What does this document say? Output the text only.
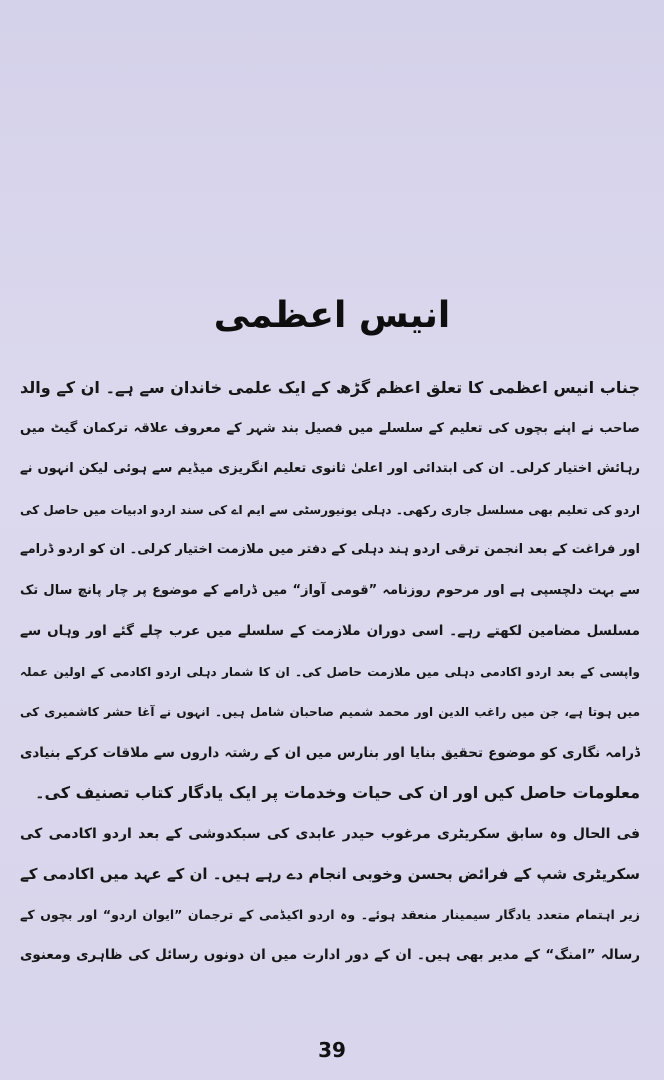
انیس اعظمی
جناب انیس اعظمی کا تعلق اعظم گڑھ کے ایک علمی خاندان سے ہے۔ ان کے والد
صاحب نے اپنے بچوں کی تعلیم کے سلسلے میں فصیل بند شہر کے معروف علاقہ ترکمان گیٹ میں
رہائش اختیار کرلی۔ ان کی ابتدائی اور اعلیٰ ثانوی تعلیم انگریزی میڈیم سے ہوئی لیکن انہوں نے
اردو کی تعلیم بھی مسلسل جاری رکھی۔ دہلی یونیورسٹی سے ایم اے کی سند اردو ادبیات میں حاصل کی
اور فراغت کے بعد انجمن ترقی اردو ہند دہلی کے دفتر میں ملازمت اختیار کرلی۔ ان کو اردو ڈرامے
سے بہت دلچسپی ہے اور مرحوم روزنامہ ”قومی آواز“ میں ڈرامے کے موضوع پر چار پانچ سال تک
مسلسل مضامین لکھتے رہے۔ اسی دوران ملازمت کے سلسلے میں عرب چلے گئے اور وہاں سے
واپسی کے بعد اردو اکادمی دہلی میں ملازمت حاصل کی۔ ان کا شمار دہلی اردو اکادمی کے اولین عملہ
میں ہوتا ہے، جن میں راغب الدین اور محمد شمیم صاحبان شامل ہیں۔ انہوں نے آغا حشر کاشمیری کی
ڈرامہ نگاری کو موضوع تحقیق بنایا اور بنارس میں ان کے رشتہ داروں سے ملاقات کرکے بنیادی
معلومات حاصل کیں اور ان کی حیات وخدمات پر ایک یادگار کتاب تصنیف کی۔
فی الحال وہ سابق سکریٹری مرغوب حیدر عابدی کی سبکدوشی کے بعد اردو اکادمی کی
سکریٹری شپ کے فرائض بحسن وخوبی انجام دے رہے ہیں۔ ان کے عہد میں اکادمی کے
زیر اہتمام متعدد یادگار سیمینار منعقد ہوئے۔ وہ اردو اکیڈمی کے ترجمان ”ایوان اردو“ اور بچوں کے
رسالہ ”امنگ“ کے مدیر بھی ہیں۔ ان کے دور ادارت میں ان دونوں رسائل کی ظاہری ومعنوی
39
